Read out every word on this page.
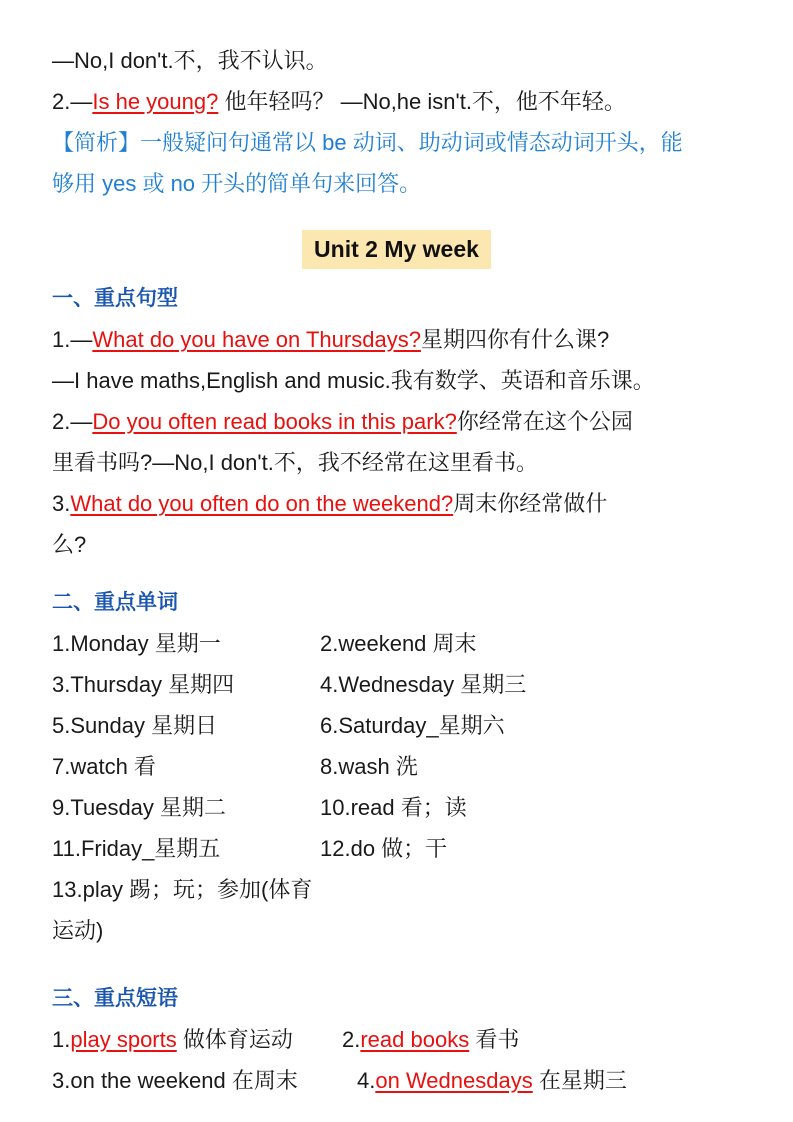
—No,I don't.不，我不认识。
2.—Is he young? 他年轻吗？ —No,he isn't.不，他不年轻。
【简析】一般疑问句通常以 be 动词、助动词或情态动词开头，能
够用 yes 或 no 开头的简单句来回答。
Unit 2 My week
一、重点句型
1.—What do you have on Thursdays?星期四你有什么课?
—I have maths,English and music.我有数学、英语和音乐课。
2.—Do you often read books in this park?你经常在这个公园
里看书吗?—No,I don't.不，我不经常在这里看书。
3.What do you often do on the weekend?周末你经常做什
么?
二、重点单词
1.Monday 星期一	2.weekend 周末
3.Thursday 星期四	4.Wednesday 星期三
5.Sunday 星期日	6.Saturday_星期六
7.watch 看	8.wash 洗
9.Tuesday 星期二	10.read 看；读
11.Friday_星期五	12.do 做；干
13.play 踢；玩；参加(体育运动)
三、重点短语
1.play sports 做体育运动	2.read books 看书
3.on the weekend 在周末	4.on Wednesdays 在星期三
